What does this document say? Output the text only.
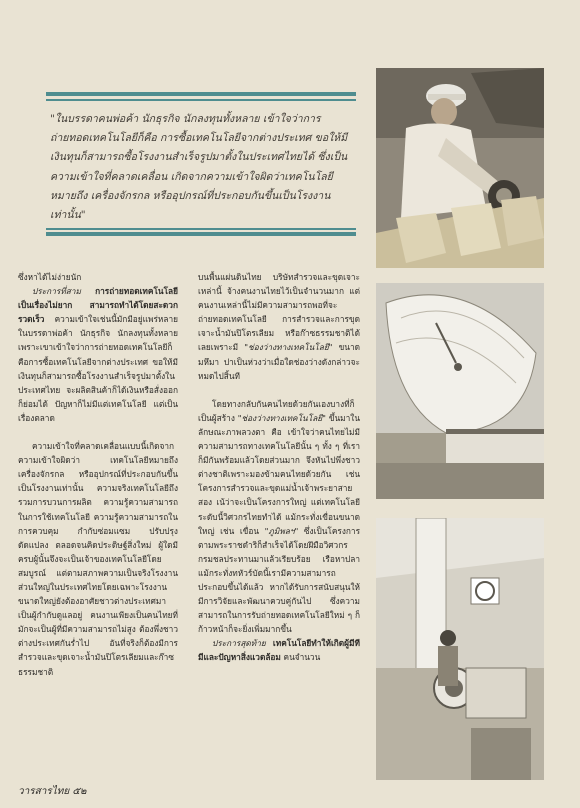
"ในบรรดาคนพ่อค้า นักธุรกิจ นักลงทุนทั้งหลาย เข้าใจว่าการถ่ายทอดเทคโนโลยีก็คือ การซื้อเทคโนโลยีจากต่างประเทศ ขอให้มีเงินทุนก็สามารถซื้อโรงงานสำเร็จรูปมาตั้งในประเทศไทยได้ ซึ่งเป็นความเข้าใจที่คลาดเคลื่อน เกิดจากความเข้าใจผิดว่าเทคโนโลยี หมายถึง เครื่องจักรกล หรืออุปกรณ์ที่ประกอบกันขึ้นเป็นโรงงานเท่านั้น"

ซึ่งหาได้ไม่ง่ายนัก

ประการที่สาม การถ่ายทอดเทคโนโลยีเป็นเรื่องไม่ยาก สามารถทำได้โดยสะดวกรวดเร็ว ความเข้าใจเช่นนี้มักมีอยู่แพร่หลายในบรรดาพ่อค้า นักธุรกิจ นักลงทุนทั้งหลาย เพราะเขาเข้าใจว่าการถ่ายทอดเทคโนโลยีก็คือการซื้อเทคโนโลยีจากต่างประเทศ ขอให้มีเงินทุนก็สามารถซื้อโรงงานสำเร็จรูปมาตั้งในประเทศไทย จะผลิตสินค้าก็ได้เงินหรือสั่งออกก็ย่อมได้ ปัญหาก็ไม่มีแต่เทคโนโลยี แต่เป็นเรื่องตลาด

ความเข้าใจที่คลาดเคลื่อนแบบนี้เกิดจากความเข้าใจผิดว่า เทคโนโลยีหมายถึงเครื่องจักรกล หรืออุปกรณ์ที่ประกอบกันขึ้นเป็นโรงงานเท่านั้น ความจริงเทคโนโลยีถึงรวมการบวนการผลิต ความรู้ความสามารถในการใช้เทคโนโลยี ความรู้ความสามารถในการควบคุม กำกับซ่อมแซม ปรับปรุง ดัดแปลง ตลอดจนคิดประดิษฐ์สิ่งใหม่ ผู้ใดมีครบผู้นั้นจึงจะเป็นเจ้าของเทคโนโลยีโดยสมบูรณ์ แต่ตามสภาพความเป็นจริงโรงงานส่วนใหญ่ในประเทศไทยโดยเฉพาะโรงงานขนาดใหญ่ยังต้องอาศัยชาวต่างประเทศมาเป็นผู้กำกับดูแลอยู่ คนงานเพียงเป็นคนไทยที่มักจะเป็นผู้ที่มีความสามารถไม่สูง ต้องพึ่งชาวต่างประเทศกันร่ำไป อันที่จริงก็ต้องมีการสำรวจและขุดเจาะน้ำมันปิโตรเลียมและก๊าซธรรมชาติ

บนพื้นแผ่นดินไทย บริษัทสำรวจและขุดเจาะเหล่านี้ จ้างคนงานไทยไว้เป็นจำนวนมาก แต่คนงานเหล่านี้ไม่มีความสามารถพอที่จะถ่ายทอดเทคโนโลยี การสำรวจและการขุดเจาะน้ำมันปิโตรเลียม หรือก๊าซธรรมชาติได้เลยเพราะมี "ช่องว่างทางเทคโนโลยี" ขนาดมหึมา ปาเป็นห่วงว่าเมื่อใดช่องว่างดังกล่าวจะหมดไปสิ้นที

โดยทางกลับกันคนไทยด้วยกันเองบางที่ก็เป็นผู้สร้าง "ช่องว่างทางเทคโนโลยี" ขึ้นมาในลักษณะภาพลวงตา คือ เข้าใจว่าคนไทยไม่มีความสามารถทางเทคโนโลยีนั้น ๆ ทั้ง ๆ ที่เราก็มีกันพร้อมแล้วโดยส่วนมาก จึงหันไปพึ่งชาวต่างชาติเพราะมองข้ามคนไทยด้วยกัน เช่น โครงการสำรวจและขุดแม่น้ำเจ้าพระยาสายสอง เน้ว่าจะเป็นโครงการใหญ่ แต่เทคโนโลยีระดับนี้วิศวกรไทยทำได้ แม้กระทั่งเขื่อนขนาดใหญ่ เช่น เขื่อน "ภูมิพลฯ" ซึ่งเป็นโครงการตามพระราชดำริก็สำเร็จได้โดยฝีมือวิศวกรกรมชลประทานมาแล้วเรียบร้อย เรือหาปลา แม้กระทั่งทหัวร์บัดนี้เรามีความสามารถประกอบขึ้นได้แล้ว หากได้รับการสนับสนุนให้มีการวิจัยและพัฒนาควบคู่กันไป ซึ่งความสามารถในการรับถ่ายทอดเทคโนโลยีใหม่ ๆ ก็ก้าวหน้าก็จะยิ่งเพิ่มมากขึ้น

ประการสุดท้าย เทคโนโลยีทำให้เกิดผู้มีทีมีและปัญหาสิ่งแวดล้อม คนจำนวน

วารสารไทย ๕๒
